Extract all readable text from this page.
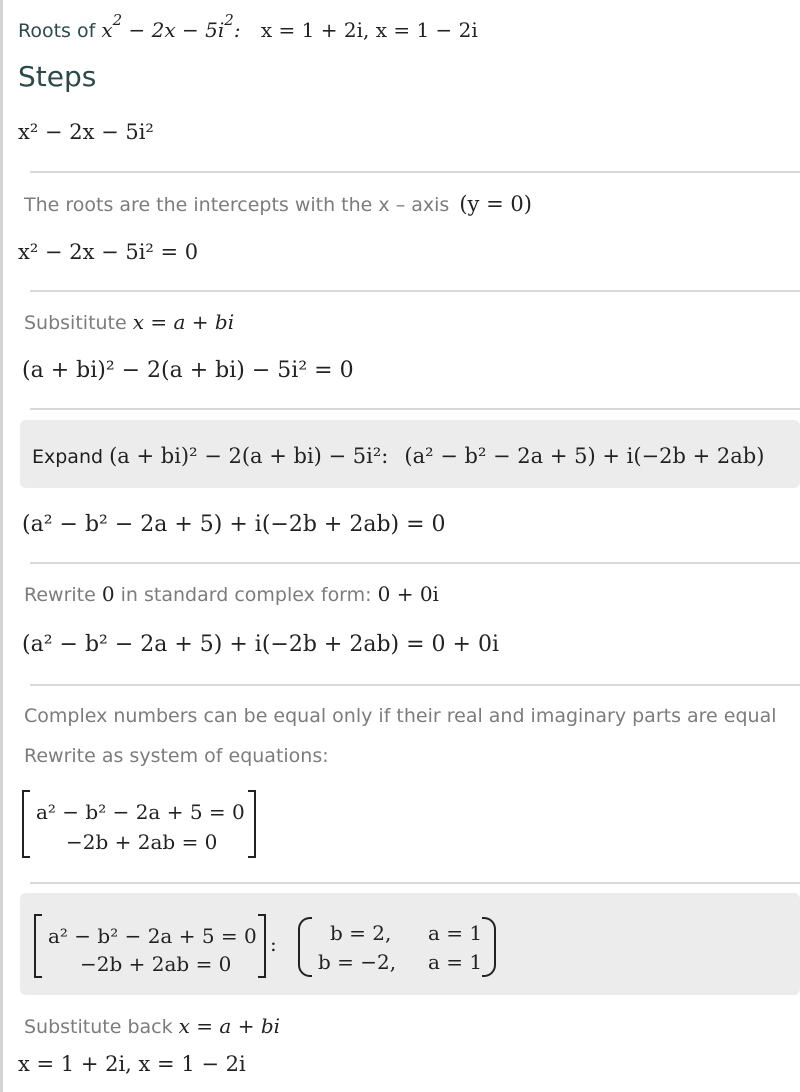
Roots of $x^2 - 2x - 5i^2$: x = 1 + 2i, x = 1 − 2i
Steps
x² − 2x − 5i²
The roots are the intercepts with the x – axis (y = 0)
x² − 2x − 5i² = 0
Subsititute x = a + bi
(a + bi)² − 2(a + bi) − 5i² = 0
Expand (a + bi)² − 2(a + bi) − 5i²: (a² − b² − 2a + 5) + i(−2b + 2ab)
(a² − b² − 2a + 5) + i(−2b + 2ab) = 0
Rewrite 0 in standard complex form: 0 + 0i
(a² − b² − 2a + 5) + i(−2b + 2ab) = 0 + 0i
Complex numbers can be equal only if their real and imaginary parts are equal
Rewrite as system of equations:
a² − b² − 2a + 5 = 0
−2b + 2ab = 0
a² − b² − 2a + 5 = 0
−2b + 2ab = 0
:	b = 2, a = 1
b = −2, a = 1
Substitute back x = a + bi
x = 1 + 2i, x = 1 − 2i
